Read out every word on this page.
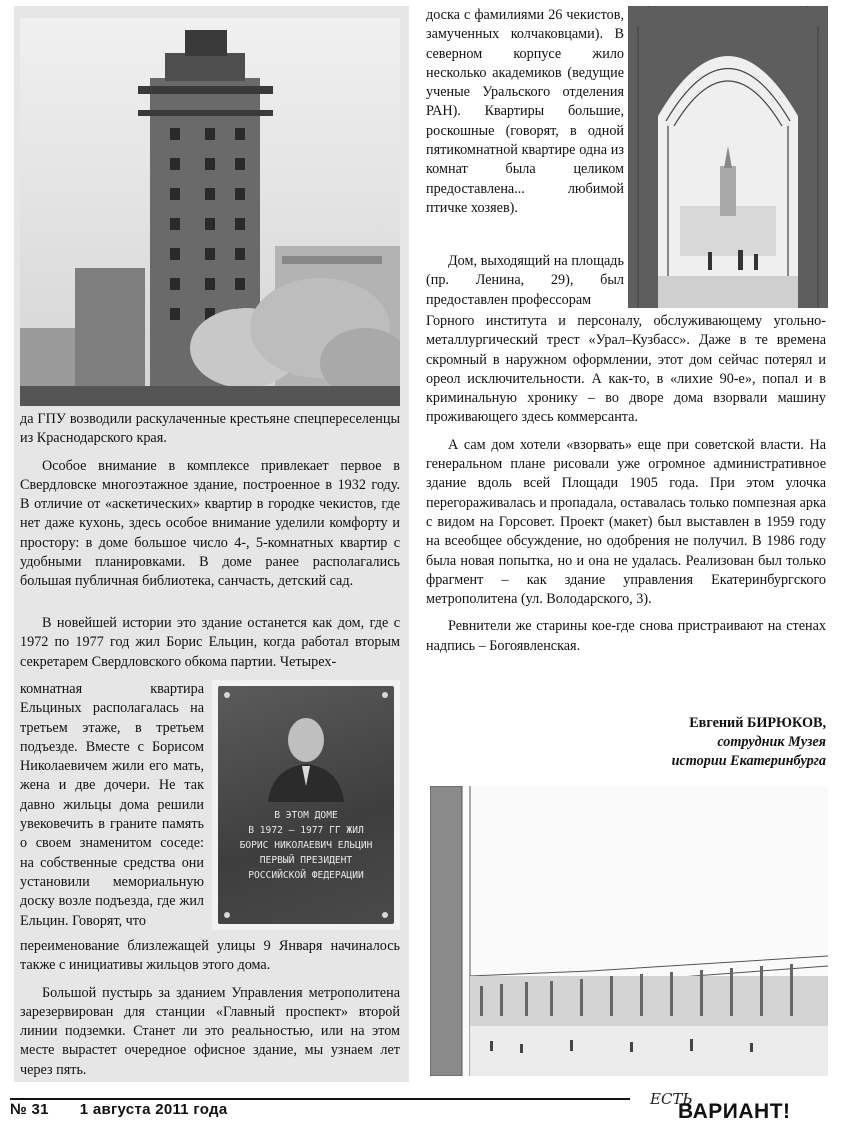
да ГПУ возводили раскулаченные крестьяне спецпереселенцы из Краснодарского края.

Особое внимание в комплексе привлекает первое в Свердловске многоэтажное здание, построенное в 1932 году. В отличие от «аскетических» квартир в городке чекистов, где нет даже кухонь, здесь особое внимание уделили комфорту и простору: в доме большое число 4-, 5-комнатных квартир с удобными планировками. В доме ранее располагались большая публичная библиотека, санчасть, детский сад.

В новейшей истории это здание останется как дом, где с 1972 по 1977 год жил Борис Ельцин, когда работал вторым секретарем Свердловского обкома партии. Четырех-

комнатная квартира Ельциных располагалась на третьем этаже, в третьем подъезде. Вместе с Борисом Николаевичем жили его мать, жена и две дочери. Не так давно жильцы дома решили увековечить в граните память о своем знаменитом соседе: на собственные средства они установили мемориальную доску возле подъезда, где жил Ельцин. Говорят, что

переименование близлежащей улицы 9 Января начиналось также с инициативы жильцов этого дома.

Большой пустырь за зданием Управления метрополитена зарезервирован для станции «Главный проспект» второй линии подземки. Станет ли это реальностью, или на этом месте вырастет очередное офисное здание, мы узнаем лет через пять.

В ЭТОМ ДОМЕ
В 1972 – 1977 ГГ ЖИЛ
БОРИС НИКОЛАЕВИЧ ЕЛЬЦИН
ПЕРВЫЙ ПРЕЗИДЕНТ
РОССИЙСКОЙ ФЕДЕРАЦИИ

доска с фамилиями 26 чекистов, замученных колчаковцами). В северном корпусе жило несколько академиков (ведущие ученые Уральского отделения РАН). Квартиры большие, роскошные (говорят, в одной пятикомнатной квартире одна из комнат была целиком предоставлена... любимой птичке хозяев).

Дом, выходящий на площадь (пр. Ленина, 29), был предоставлен профессорам

Горного института и персоналу, обслуживающему угольно-металлургический трест «Урал–Кузбасс». Даже в те времена скромный в наружном оформлении, этот дом сейчас потерял и ореол исключительности. А как-то, в «лихие 90-е», попал и в криминальную хронику – во дворе дома взорвали машину проживающего здесь коммерсанта.

А сам дом хотели «взорвать» еще при советской власти. На генеральном плане рисовали уже огромное административное здание вдоль всей Площади 1905 года. При этом улочка перегораживалась и пропадала, оставалась только помпезная арка с видом на Горсовет. Проект (макет) был выставлен в 1959 году на всеобщее обсуждение, но одобрения не получил. В 1986 году была новая попытка, но и она не удалась. Реализован был только фрагмент – как здание управления Екатеринбургского метрополитена (ул. Володарского, 3).

Ревнители же старины кое-где снова пристраивают на стенах надпись – Богоявленская.

Евгений БИРЮКОВ,
сотрудник Музея
истории Екатеринбурга
№ 31 1 августа 2011 года
ЕСТЬ
ВАРИАНТ!
